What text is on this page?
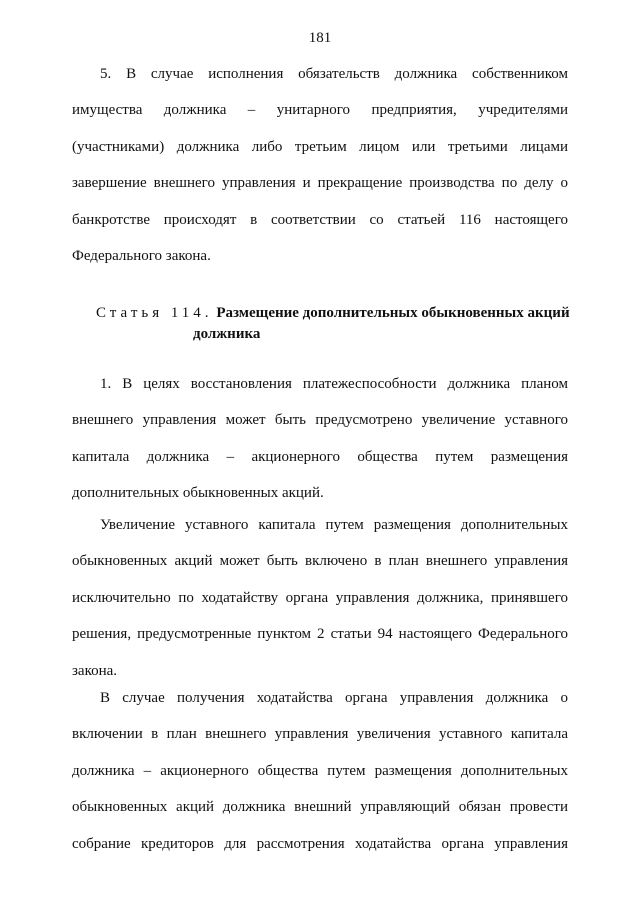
181
5. В случае исполнения обязательств должника собственником
имущества должника – унитарного предприятия, учредителями
(участниками) должника либо третьим лицом или третьими лицами
завершение внешнего управления и прекращение производства по делу о
банкротстве происходят в соответствии со статьей 116 настоящего
Федерального закона.
Статья 114. Размещение дополнительных обыкновенных акций
должника
1. В целях восстановления платежеспособности должника планом
внешнего управления может быть предусмотрено увеличение уставного
капитала должника – акционерного общества путем размещения
дополнительных обыкновенных акций.
Увеличение уставного капитала путем размещения дополнительных
обыкновенных акций может быть включено в план внешнего управления
исключительно по ходатайству органа управления должника, принявшего
решения, предусмотренные пунктом 2 статьи 94 настоящего Федерального
закона.
В случае получения ходатайства органа управления должника о
включении в план внешнего управления увеличения уставного капитала
должника – акционерного общества путем размещения дополнительных
обыкновенных акций должника внешний управляющий обязан провести
собрание кредиторов для рассмотрения ходатайства органа управления
